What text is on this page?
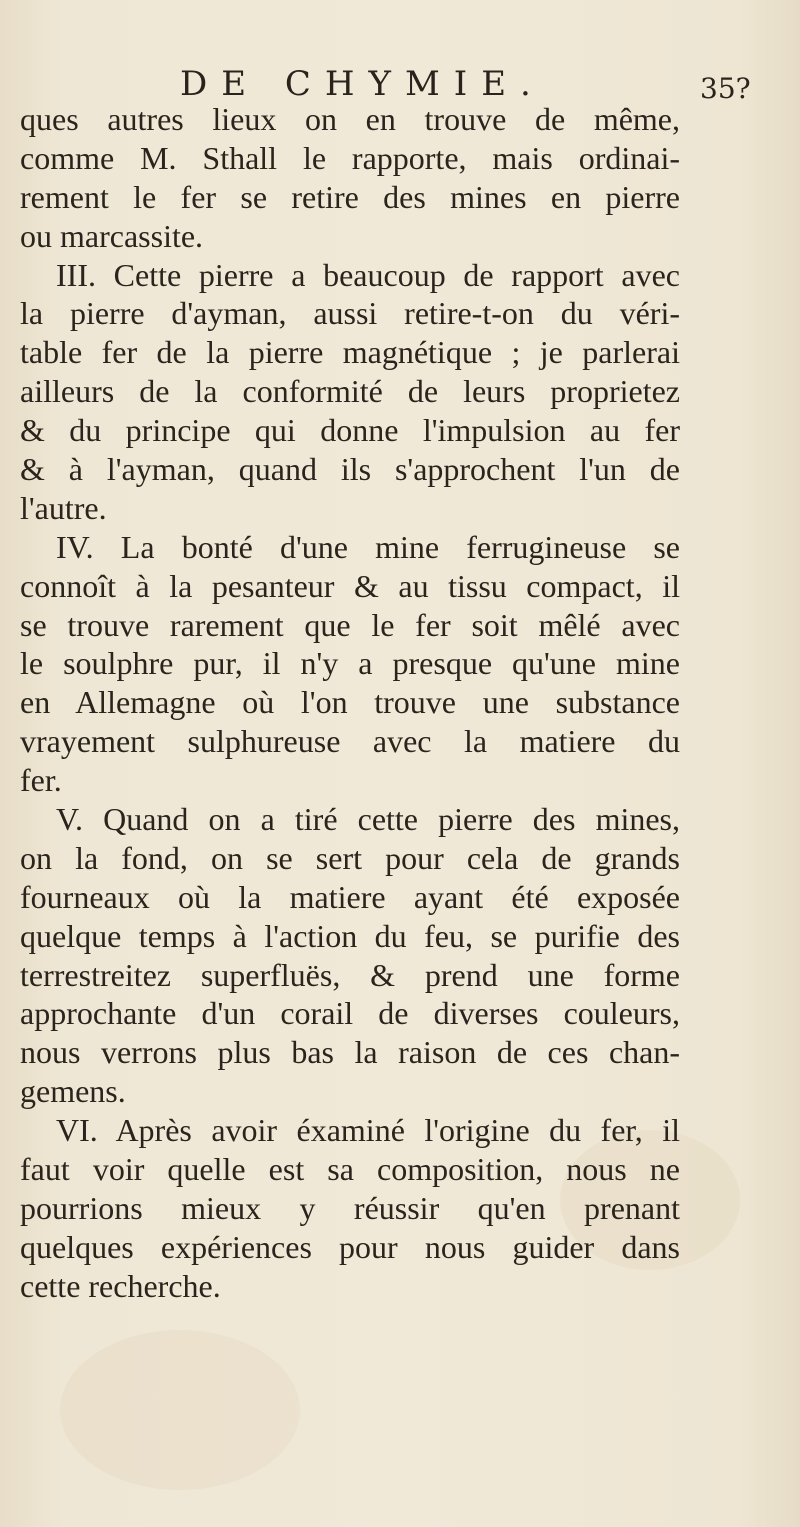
DE CHYMIE.	35?
ques autres lieux on en trouve de même,
comme M. Sthall le rapporte, mais ordinai-
rement le fer se retire des mines en pierre
ou marcassite.
III. Cette pierre a beaucoup de rapport avec
la pierre d'ayman, aussi retire-t-on du véri-
table fer de la pierre magnétique ; je parlerai
ailleurs de la conformité de leurs proprietez
& du principe qui donne l'impulsion au fer
& à l'ayman, quand ils s'approchent l'un de
l'autre.
IV. La bonté d'une mine ferrugineuse se
connoît à la pesanteur & au tissu compact, il
se trouve rarement que le fer soit mêlé avec
le soulphre pur, il n'y a presque qu'une mine
en Allemagne où l'on trouve une substance
vrayement sulphureuse avec la matiere du
fer.
V. Quand on a tiré cette pierre des mines,
on la fond, on se sert pour cela de grands
fourneaux où la matiere ayant été exposée
quelque temps à l'action du feu, se purifie des
terrestreitez superfluës, & prend une forme
approchante d'un corail de diverses couleurs,
nous verrons plus bas la raison de ces chan-
gemens.
VI. Après avoir éxaminé l'origine du fer, il
faut voir quelle est sa composition, nous ne
pourrions mieux y réussir qu'en prenant
quelques expériences pour nous guider dans
cette recherche.
